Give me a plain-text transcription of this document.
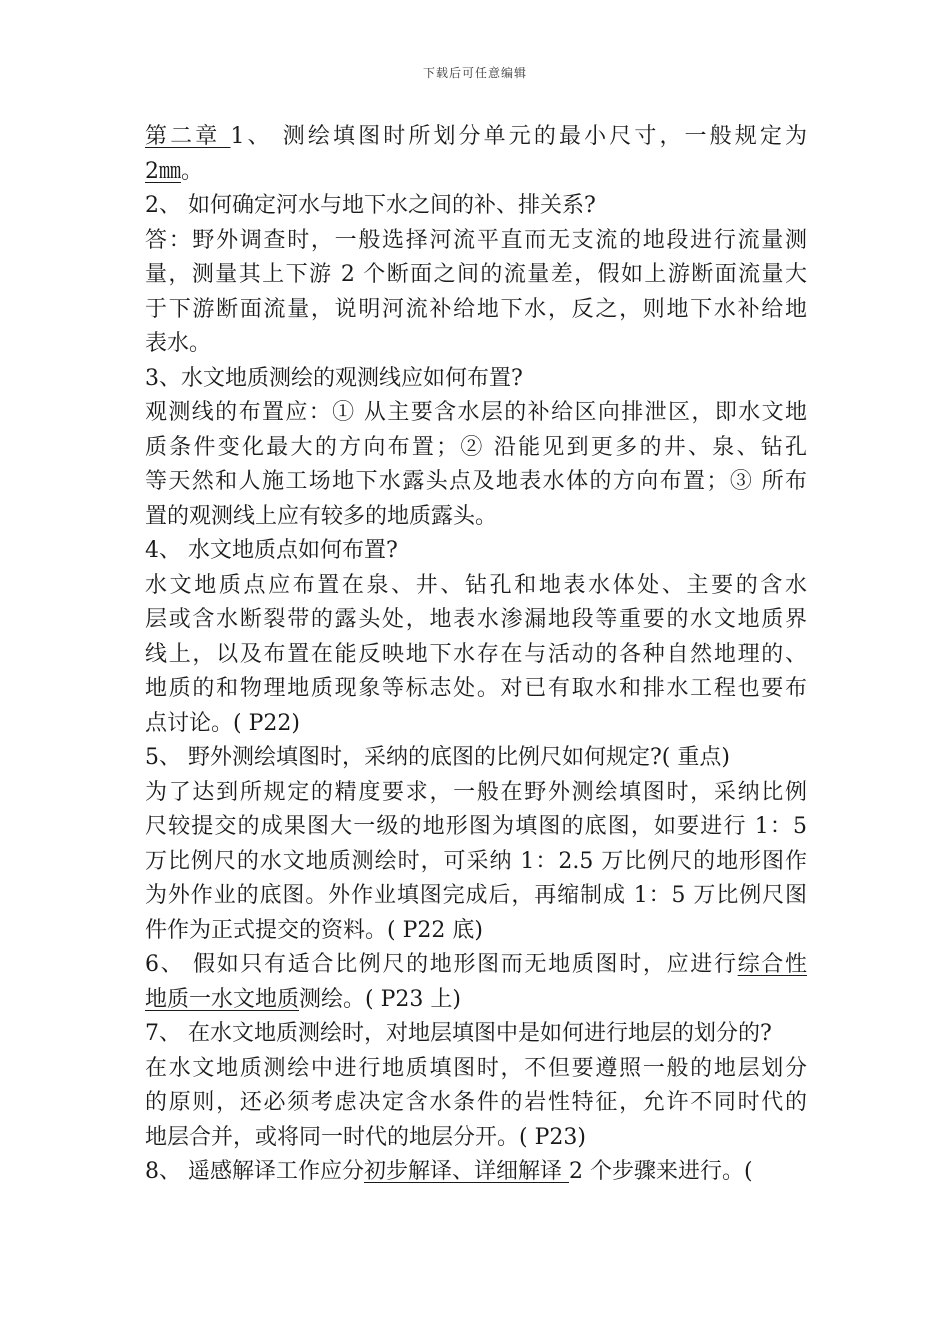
下载后可任意编辑
第二章 1、 测绘填图时所划分单元的最小尺寸，一般规定为
2㎜。
2、 如何确定河水与地下水之间的补、排关系?
答：野外调查时，一般选择河流平直而无支流的地段进行流量测
量，测量其上下游 2 个断面之间的流量差，假如上游断面流量大
于下游断面流量，说明河流补给地下水，反之，则地下水补给地
表水。
3、水文地质测绘的观测线应如何布置?
观测线的布置应：① 从主要含水层的补给区向排泄区，即水文地
质条件变化最大的方向布置；② 沿能见到更多的井、泉、钻孔
等天然和人施工场地下水露头点及地表水体的方向布置；③ 所布
置的观测线上应有较多的地质露头。
4、 水文地质点如何布置?
水文地质点应布置在泉、井、钻孔和地表水体处、主要的含水
层或含水断裂带的露头处，地表水渗漏地段等重要的水文地质界
线上，以及布置在能反映地下水存在与活动的各种自然地理的、
地质的和物理地质现象等标志处。对已有取水和排水工程也要布
点讨论。( P22)
5、 野外测绘填图时，采纳的底图的比例尺如何规定?( 重点)
为了达到所规定的精度要求，一般在野外测绘填图时，采纳比例
尺较提交的成果图大一级的地形图为填图的底图，如要进行 1：5
万比例尺的水文地质测绘时，可采纳 1：2.5 万比例尺的地形图作
为外作业的底图。外作业填图完成后，再缩制成 1：5 万比例尺图
件作为正式提交的资料。( P22 底)
6、 假如只有适合比例尺的地形图而无地质图时，应进行综合性
地质一水文地质测绘。( P23 上)
7、 在水文地质测绘时，对地层填图中是如何进行地层的划分的?
在水文地质测绘中进行地质填图时，不但要遵照一般的地层划分
的原则，还必须考虑决定含水条件的岩性特征，允许不同时代的
地层合并，或将同一时代的地层分开。( P23)
8、 遥感解译工作应分初步解译、详细解译 2 个步骤来进行。(
